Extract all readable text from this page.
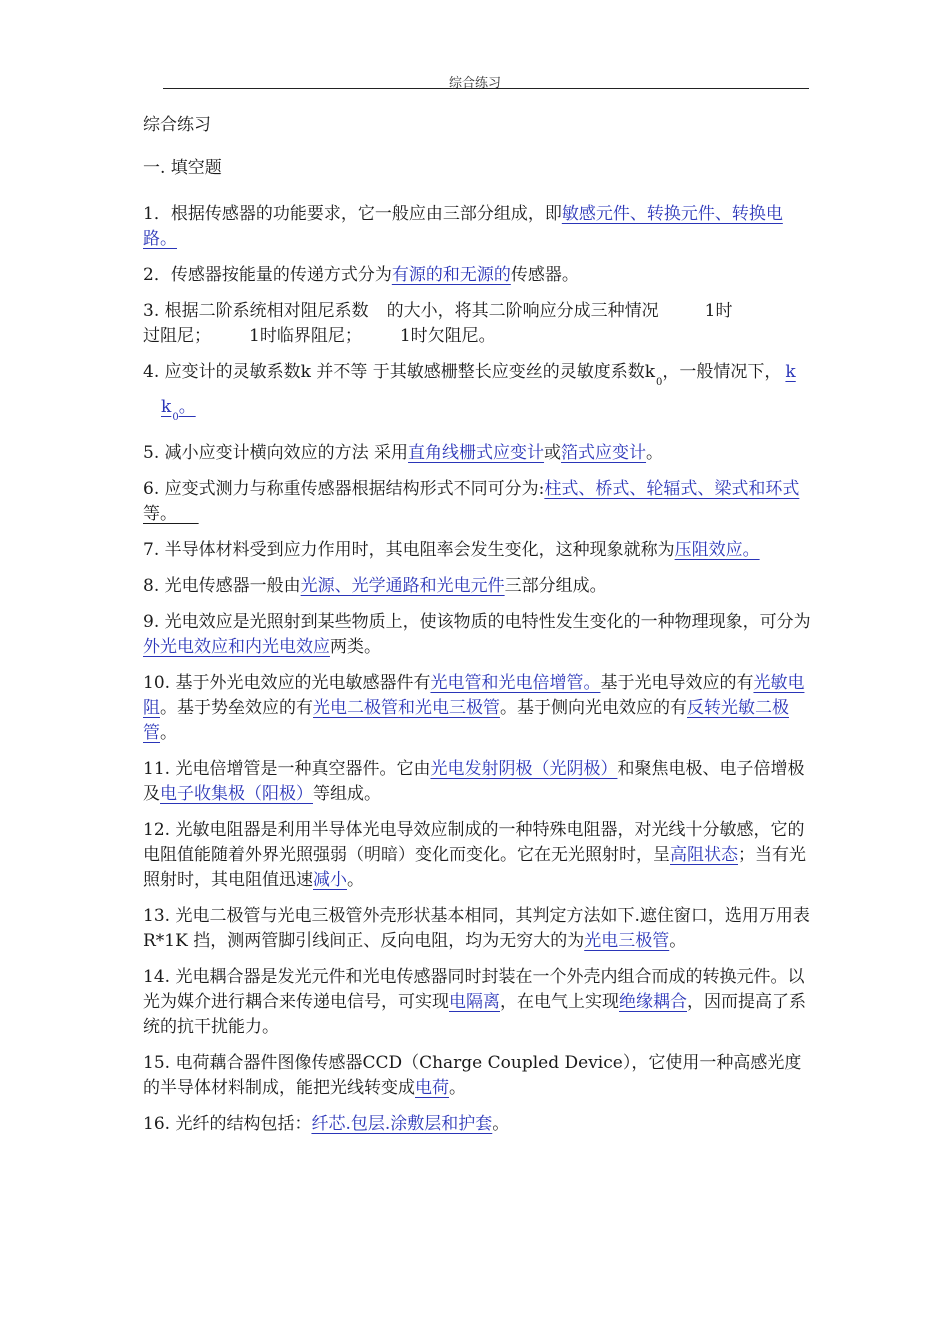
综合练习

综合练习

一. 填空题

1．根据传感器的功能要求，它一般应由三部分组成，即敏感元件、转换元件、转换电路。

2．传感器按能量的传递方式分为有源的和无源的传感器。

3. 根据二阶系统相对阻尼系数 的大小，将其二阶响应分成三种情况	1时
过阻尼； 1时临界阻尼； 1时欠阻尼。

4. 应变计的灵敏系数k 并不等 于其敏感栅整长应变丝的灵敏度系数$k_0$，一般情况下， $kk_0$。

5. 减小应变计横向效应的方法 采用直角线栅式应变计或箔式应变计。

6. 应变式测力与称重传感器根据结构形式不同可分为:柱式、桥式、轮辐式、梁式和环式等。

7. 半导体材料受到应力作用时，其电阻率会发生变化，这种现象就称为压阻效应。

8. 光电传感器一般由光源、光学通路和光电元件三部分组成。

9. 光电效应是光照射到某些物质上，使该物质的电特性发生变化的一种物理现象，可分为外光电效应和内光电效应两类。

10. 基于外光电效应的光电敏感器件有光电管和光电倍增管。基于光电导效应的有光敏电阻。基于势垒效应的有光电二极管和光电三极管。基于侧向光电效应的有反转光敏二极管。

11. 光电倍增管是一种真空器件。它由光电发射阴极（光阴极）和聚焦电极、电子倍增极及电子收集极（阳极）等组成。

12. 光敏电阻器是利用半导体光电导效应制成的一种特殊电阻器，对光线十分敏感，它的电阻值能随着外界光照强弱（明暗）变化而变化。它在无光照射时，呈高阻状态；当有光照射时，其电阻值迅速减小。

13. 光电二极管与光电三极管外壳形状基本相同，其判定方法如下.遮住窗口，选用万用表 R*1K 挡，测两管脚引线间正、反向电阻，均为无穷大的为光电三极管。

14. 光电耦合器是发光元件和光电传感器同时封装在一个外壳内组合而成的转换元件。以光为媒介进行耦合来传递电信号，可实现电隔离，在电气上实现绝缘耦合，因而提高了系统的抗干扰能力。

15. 电荷藕合器件图像传感器CCD（Charge Coupled Device），它使用一种高感光度的半导体材料制成，能把光线转变成电荷。

16. 光纤的结构包括：纤芯.包层.涂敷层和护套。
